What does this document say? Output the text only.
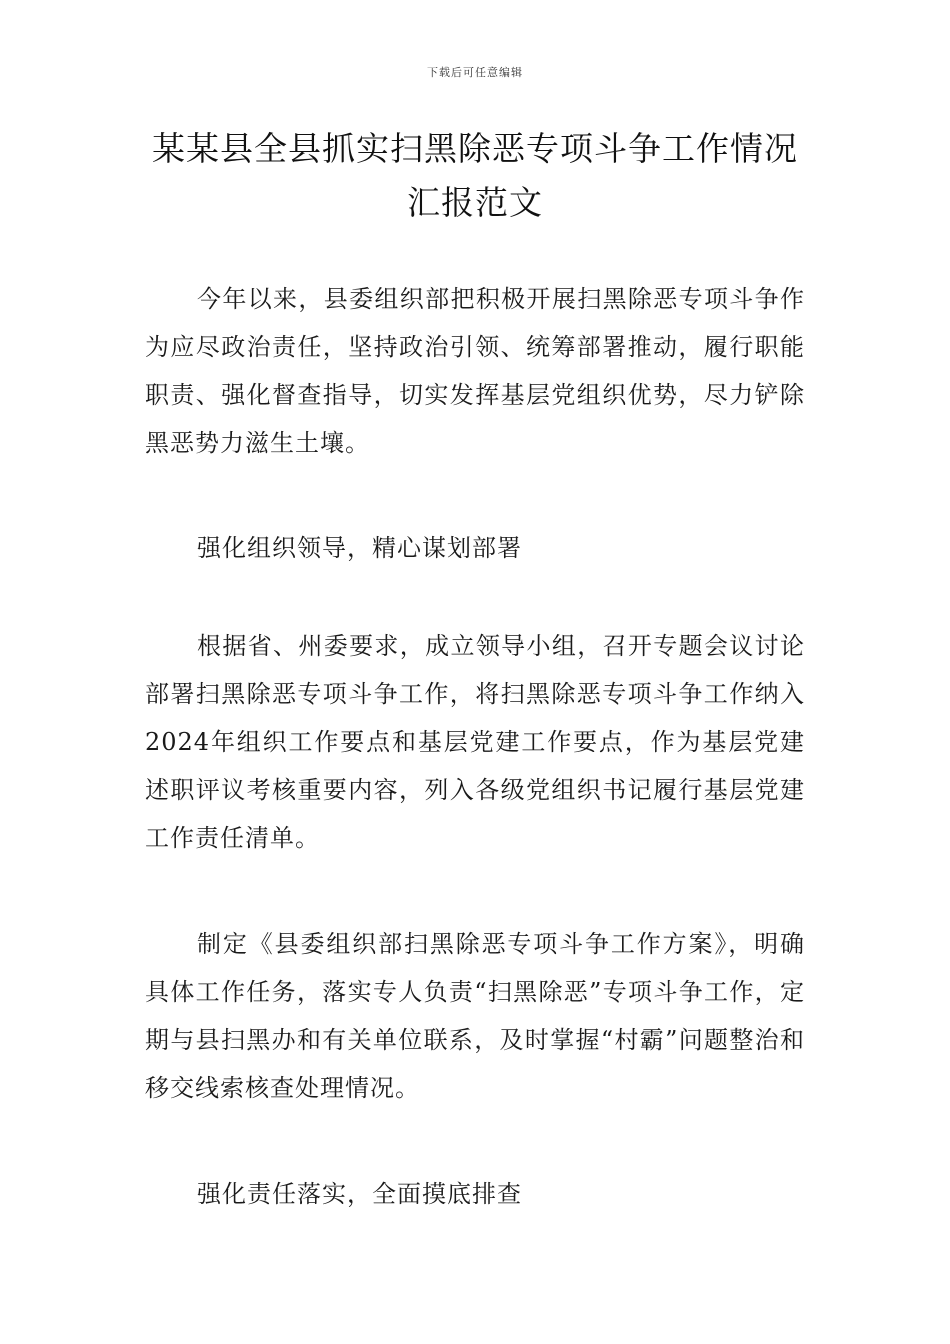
下载后可任意编辑
某某县全县抓实扫黑除恶专项斗争工作情况汇报范文

今年以来，县委组织部把积极开展扫黑除恶专项斗争作为应尽政治责任，坚持政治引领、统筹部署推动，履行职能职责、强化督查指导，切实发挥基层党组织优势，尽力铲除黑恶势力滋生土壤。

强化组织领导，精心谋划部署

根据省、州委要求，成立领导小组，召开专题会议讨论部署扫黑除恶专项斗争工作，将扫黑除恶专项斗争工作纳入2024年组织工作要点和基层党建工作要点，作为基层党建述职评议考核重要内容，列入各级党组织书记履行基层党建工作责任清单。

制定《县委组织部扫黑除恶专项斗争工作方案》，明确具体工作任务，落实专人负责“扫黑除恶”专项斗争工作，定期与县扫黑办和有关单位联系，及时掌握“村霸”问题整治和移交线索核查处理情况。

强化责任落实，全面摸底排查
